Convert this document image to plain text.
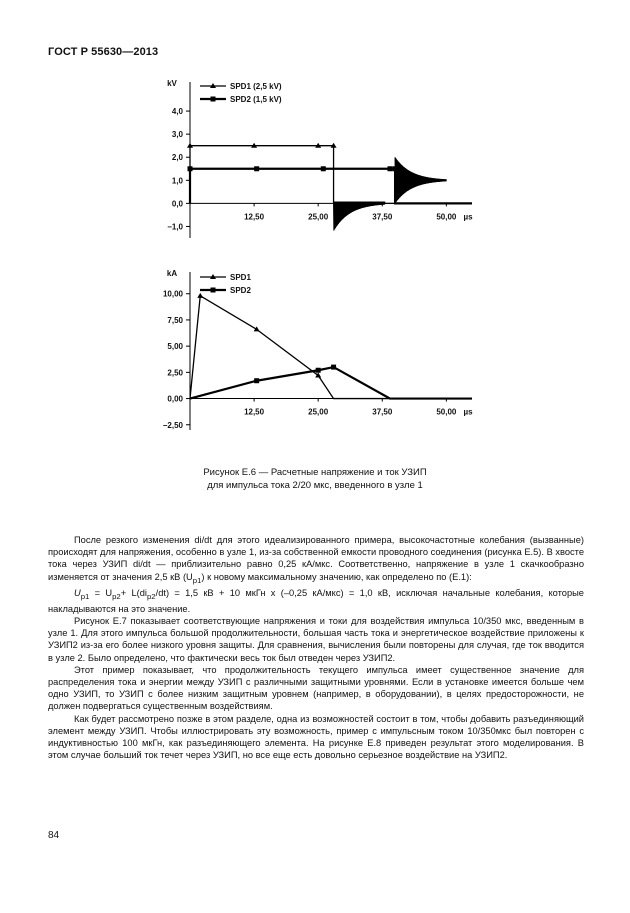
ГОСТ Р 55630—2013
kV
µs
4,0
3,0
2,0
1,0
0,0
−1,0
12,50	25,00	37,50	50,00
SPD1 (2,5 kV)
SPD2 (1,5 kV)
kA
µs
10,00
7,50
5,00
2,50
0,00
−2,50
12,50	25,00	37,50	50,00
SPD1
SPD2
Рисунок Е.6 — Расчетные напряжение и ток УЗИП
для импульса тока 2/20 мкс, введенного в узле 1

После резкого изменения di/dt для этого идеализированного примера, высокочастотные колебания (вызванные) происходят для напряжения, особенно в узле 1, из-за собственной емкости проводного соединения (рисунка Е.5). В хвосте тока через УЗИП di/dt — приблизительно равно 0,25 кА/мкс. Соответственно, напряжение в узле 1 скачкообразно изменяется от значения 2,5 кВ $(U_{p1})$ к новому максимальному значению, как определено по (Е.1):

$U_{p1} = U_{p2}+ L(di_{p2}/dt) = 1,5$ кВ + 10 мкГн x (–0,25 кА/мкс) = 1,0 кВ, исключая начальные колебания, которые накладываются на это значение.

Рисунок Е.7 показывает соответствующие напряжения и токи для воздействия импульса 10/350 мкс, введенным в узле 1. Для этого импульса большой продолжительности, большая часть тока и энергетическое воздействие приложены к УЗИП2 из-за его более низкого уровня защиты. Для сравнения, вычисления были повторены для случая, где ток вводится в узле 2. Было определено, что фактически весь ток был отведен через УЗИП2.

Этот пример показывает, что продолжительность текущего импульса имеет существенное значение для распределения тока и энергии между УЗИП с различными защитными уровнями. Если в установке имеется больше чем одно УЗИП, то УЗИП с более низким защитным уровнем (например, в оборудовании), в целях предосторожности, не должен подвергаться существенным воздействиям.

Как будет рассмотрено позже в этом разделе, одна из возможностей состоит в том, чтобы добавить разъединяющий элемент между УЗИП. Чтобы иллюстрировать эту возможность, пример с импульсным током 10/350мкс был повторен с индуктивностью 100 мкГн, как разъединяющего элемента. На рисунке Е.8 приведен результат этого моделирования. В этом случае больший ток течет через УЗИП, но все еще есть довольно серьезное воздействие на УЗИП2.

84
